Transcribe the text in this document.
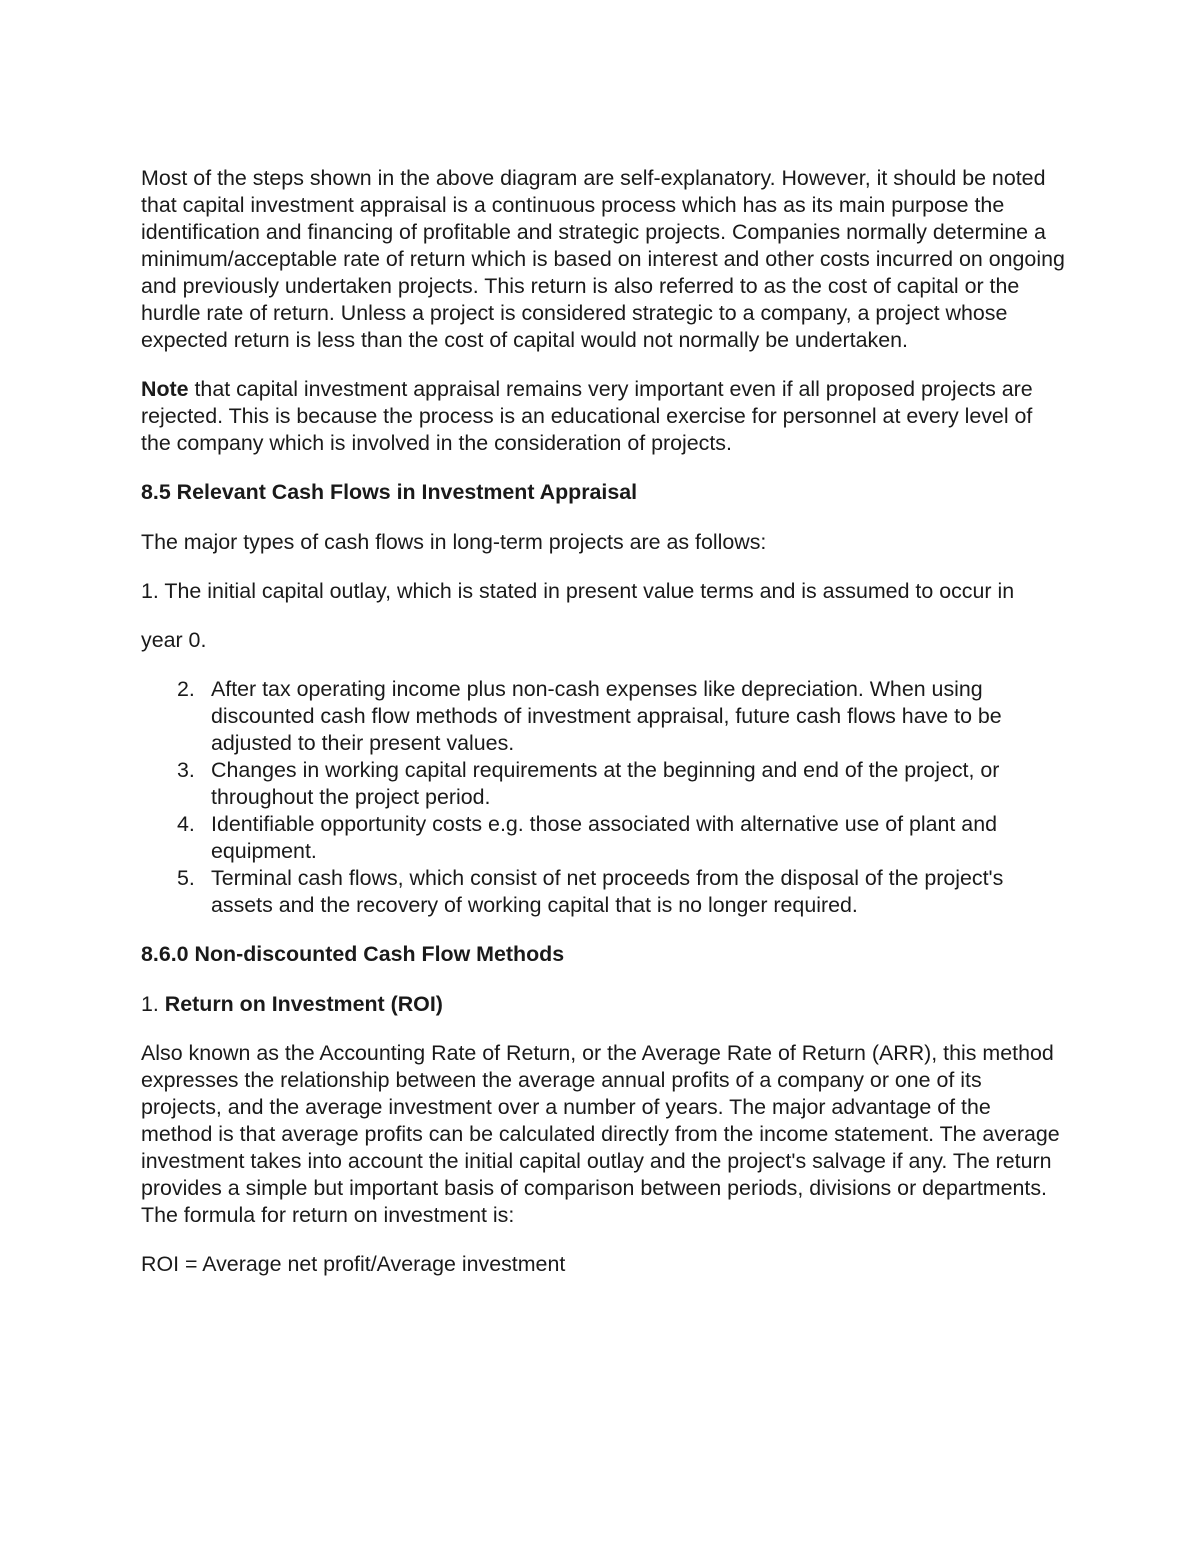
Most of the steps shown in the above diagram are self-explanatory. However, it should be noted that capital investment appraisal is a continuous process which has as its main purpose the identification and financing of profitable and strategic projects. Companies normally determine a minimum/acceptable rate of return which is based on interest and other costs incurred on ongoing and previously undertaken projects. This return is also referred to as the cost of capital or the hurdle rate of return. Unless a project is considered strategic to a company, a project whose expected return is less than the cost of capital would not normally be undertaken.

Note that capital investment appraisal remains very important even if all proposed projects are rejected. This is because the process is an educational exercise for personnel at every level of the company which is involved in the consideration of projects.

8.5 Relevant Cash Flows in Investment Appraisal

The major types of cash flows in long-term projects are as follows:

1. The initial capital outlay, which is stated in present value terms and is assumed to occur in

year 0.

2. After tax operating income plus non-cash expenses like depreciation. When using discounted cash flow methods of investment appraisal, future cash flows have to be adjusted to their present values.
3. Changes in working capital requirements at the beginning and end of the project, or throughout the project period.
4. Identifiable opportunity costs e.g. those associated with alternative use of plant and equipment.
5. Terminal cash flows, which consist of net proceeds from the disposal of the project's assets and the recovery of working capital that is no longer required.

8.6.0 Non-discounted Cash Flow Methods

1. Return on Investment (ROI)

Also known as the Accounting Rate of Return, or the Average Rate of Return (ARR), this method expresses the relationship between the average annual profits of a company or one of its projects, and the average investment over a number of years. The major advantage of the method is that average profits can be calculated directly from the income statement. The average investment takes into account the initial capital outlay and the project's salvage if any. The return provides a simple but important basis of comparison between periods, divisions or departments. The formula for return on investment is:

ROI = Average net profit/Average investment
